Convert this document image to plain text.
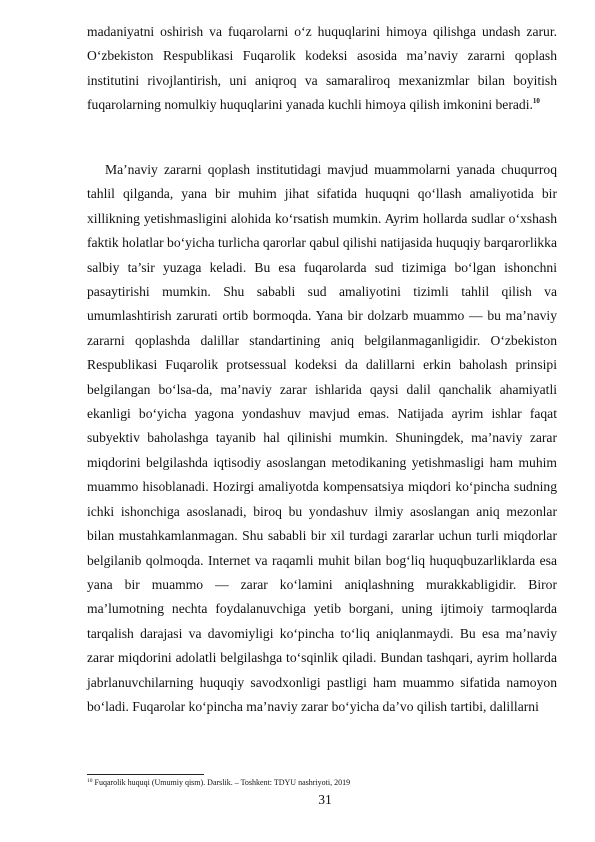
madaniyatni oshirish va fuqarolarni o‘z huquqlarini himoya qilishga undash zarur. O‘zbekiston Respublikasi Fuqarolik kodeksi asosida ma’naviy zararni qoplash institutini rivojlantirish, uni aniqroq va samaraliroq mexanizmlar bilan boyitish fuqarolarning nomulkiy huquqlarini yanada kuchli himoya qilish imkonini beradi.$^{10}$

Ma’naviy zararni qoplash institutidagi mavjud muammolarni yanada chuqurroq tahlil qilganda, yana bir muhim jihat sifatida huquqni qo‘llash amaliyotida bir xillikning yetishmasligini alohida ko‘rsatish mumkin. Ayrim hollarda sudlar o‘xshash faktik holatlar bo‘yicha turlicha qarorlar qabul qilishi natijasida huquqiy barqarorlikka salbiy ta’sir yuzaga keladi. Bu esa fuqarolarda sud tizimiga bo‘lgan ishonchni pasaytirishi mumkin. Shu sababli sud amaliyotini tizimli tahlil qilish va umumlashtirish zarurati ortib bormoqda. Yana bir dolzarb muammo — bu ma’naviy zararni qoplashda dalillar standartining aniq belgilanmaganligidir. O‘zbekiston Respublikasi Fuqarolik protsessual kodeksi da dalillarni erkin baholash prinsipi belgilangan bo‘lsa-da, ma’naviy zarar ishlarida qaysi dalil qanchalik ahamiyatli ekanligi bo‘yicha yagona yondashuv mavjud emas. Natijada ayrim ishlar faqat subyektiv baholashga tayanib hal qilinishi mumkin. Shuningdek, ma’naviy zarar miqdorini belgilashda iqtisodiy asoslangan metodikaning yetishmasligi ham muhim muammo hisoblanadi. Hozirgi amaliyotda kompensatsiya miqdori ko‘pincha sudning ichki ishonchiga asoslanadi, biroq bu yondashuv ilmiy asoslangan aniq mezonlar bilan mustahkamlanmagan. Shu sababli bir xil turdagi zararlar uchun turli miqdorlar belgilanib qolmoqda. Internet va raqamli muhit bilan bog‘liq huquqbuzarliklarda esa yana bir muammo — zarar ko‘lamini aniqlashning murakkabligidir. Biror ma’lumotning nechta foydalanuvchiga yetib borgani, uning ijtimoiy tarmoqlarda tarqalish darajasi va davomiyligi ko‘pincha to‘liq aniqlanmaydi. Bu esa ma’naviy zarar miqdorini adolatli belgilashga to‘sqinlik qiladi. Bundan tashqari, ayrim hollarda jabrlanuvchilarning huquqiy savodxonligi pastligi ham muammo sifatida namoyon bo‘ladi. Fuqarolar ko‘pincha ma’naviy zarar bo‘yicha da’vo qilish tartibi, dalillarni

$^{10}$ Fuqarolik huquqi (Umumiy qism). Darslik. – Toshkent: TDYU nashriyoti, 2019

31
